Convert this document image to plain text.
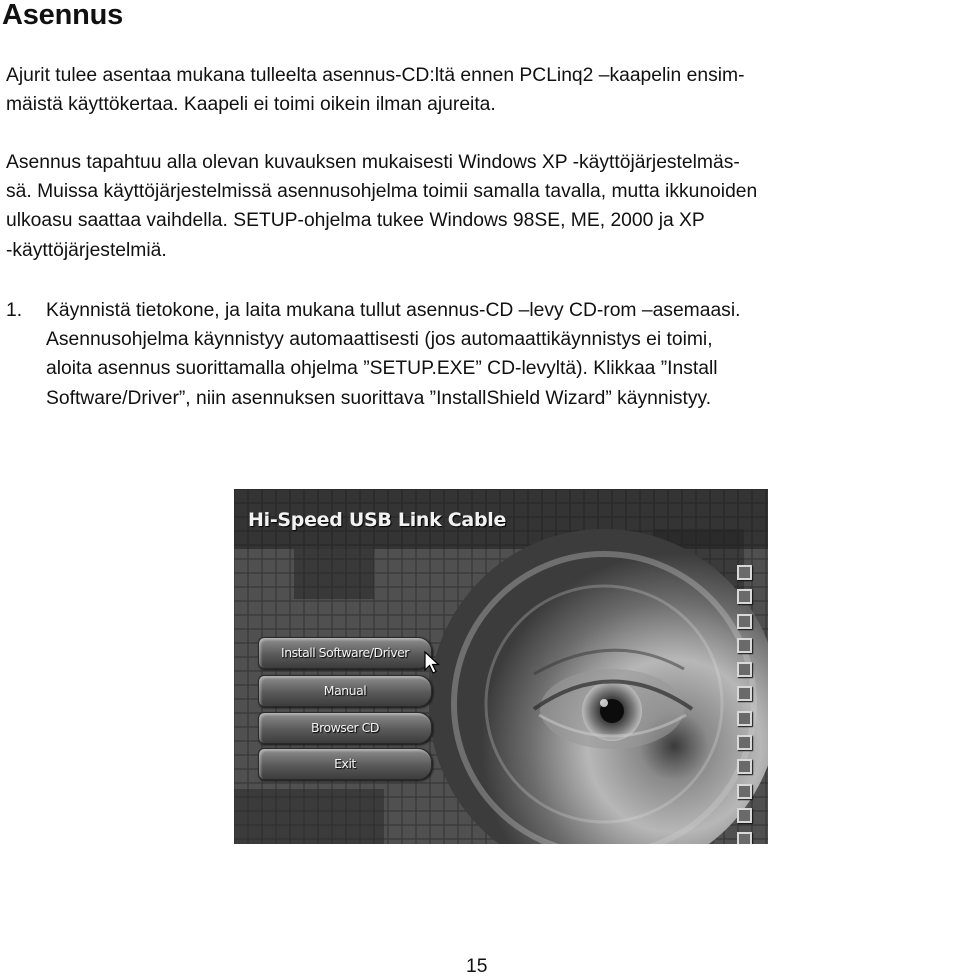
Asennus

Ajurit tulee asentaa mukana tulleelta asennus-CD:ltä ennen PCLinq2 –kaapelin ensim-
mäistä käyttökertaa. Kaapeli ei toimi oikein ilman ajureita.

Asennus tapahtuu alla olevan kuvauksen mukaisesti Windows XP -käyttöjärjestelmäs-
sä. Muissa käyttöjärjestelmissä asennusohjelma toimii samalla tavalla, mutta ikkunoiden
ulkoasu saattaa vaihdella. SETUP-ohjelma tukee Windows 98SE, ME, 2000 ja XP
-käyttöjärjestelmiä.

1. Käynnistä tietokone, ja laita mukana tullut asennus-CD –levy CD-rom –asemaasi.
Asennusohjelma käynnistyy automaattisesti (jos automaattikäynnistys ei toimi,
aloita asennus suorittamalla ohjelma ”SETUP.EXE” CD-levyltä). Klikkaa ”Install
Software/Driver”, niin asennuksen suorittava ”InstallShield Wizard” käynnistyy.

Hi-Speed USB Link Cable
Install Software/Driver
Manual
Browser CD
Exit
15
